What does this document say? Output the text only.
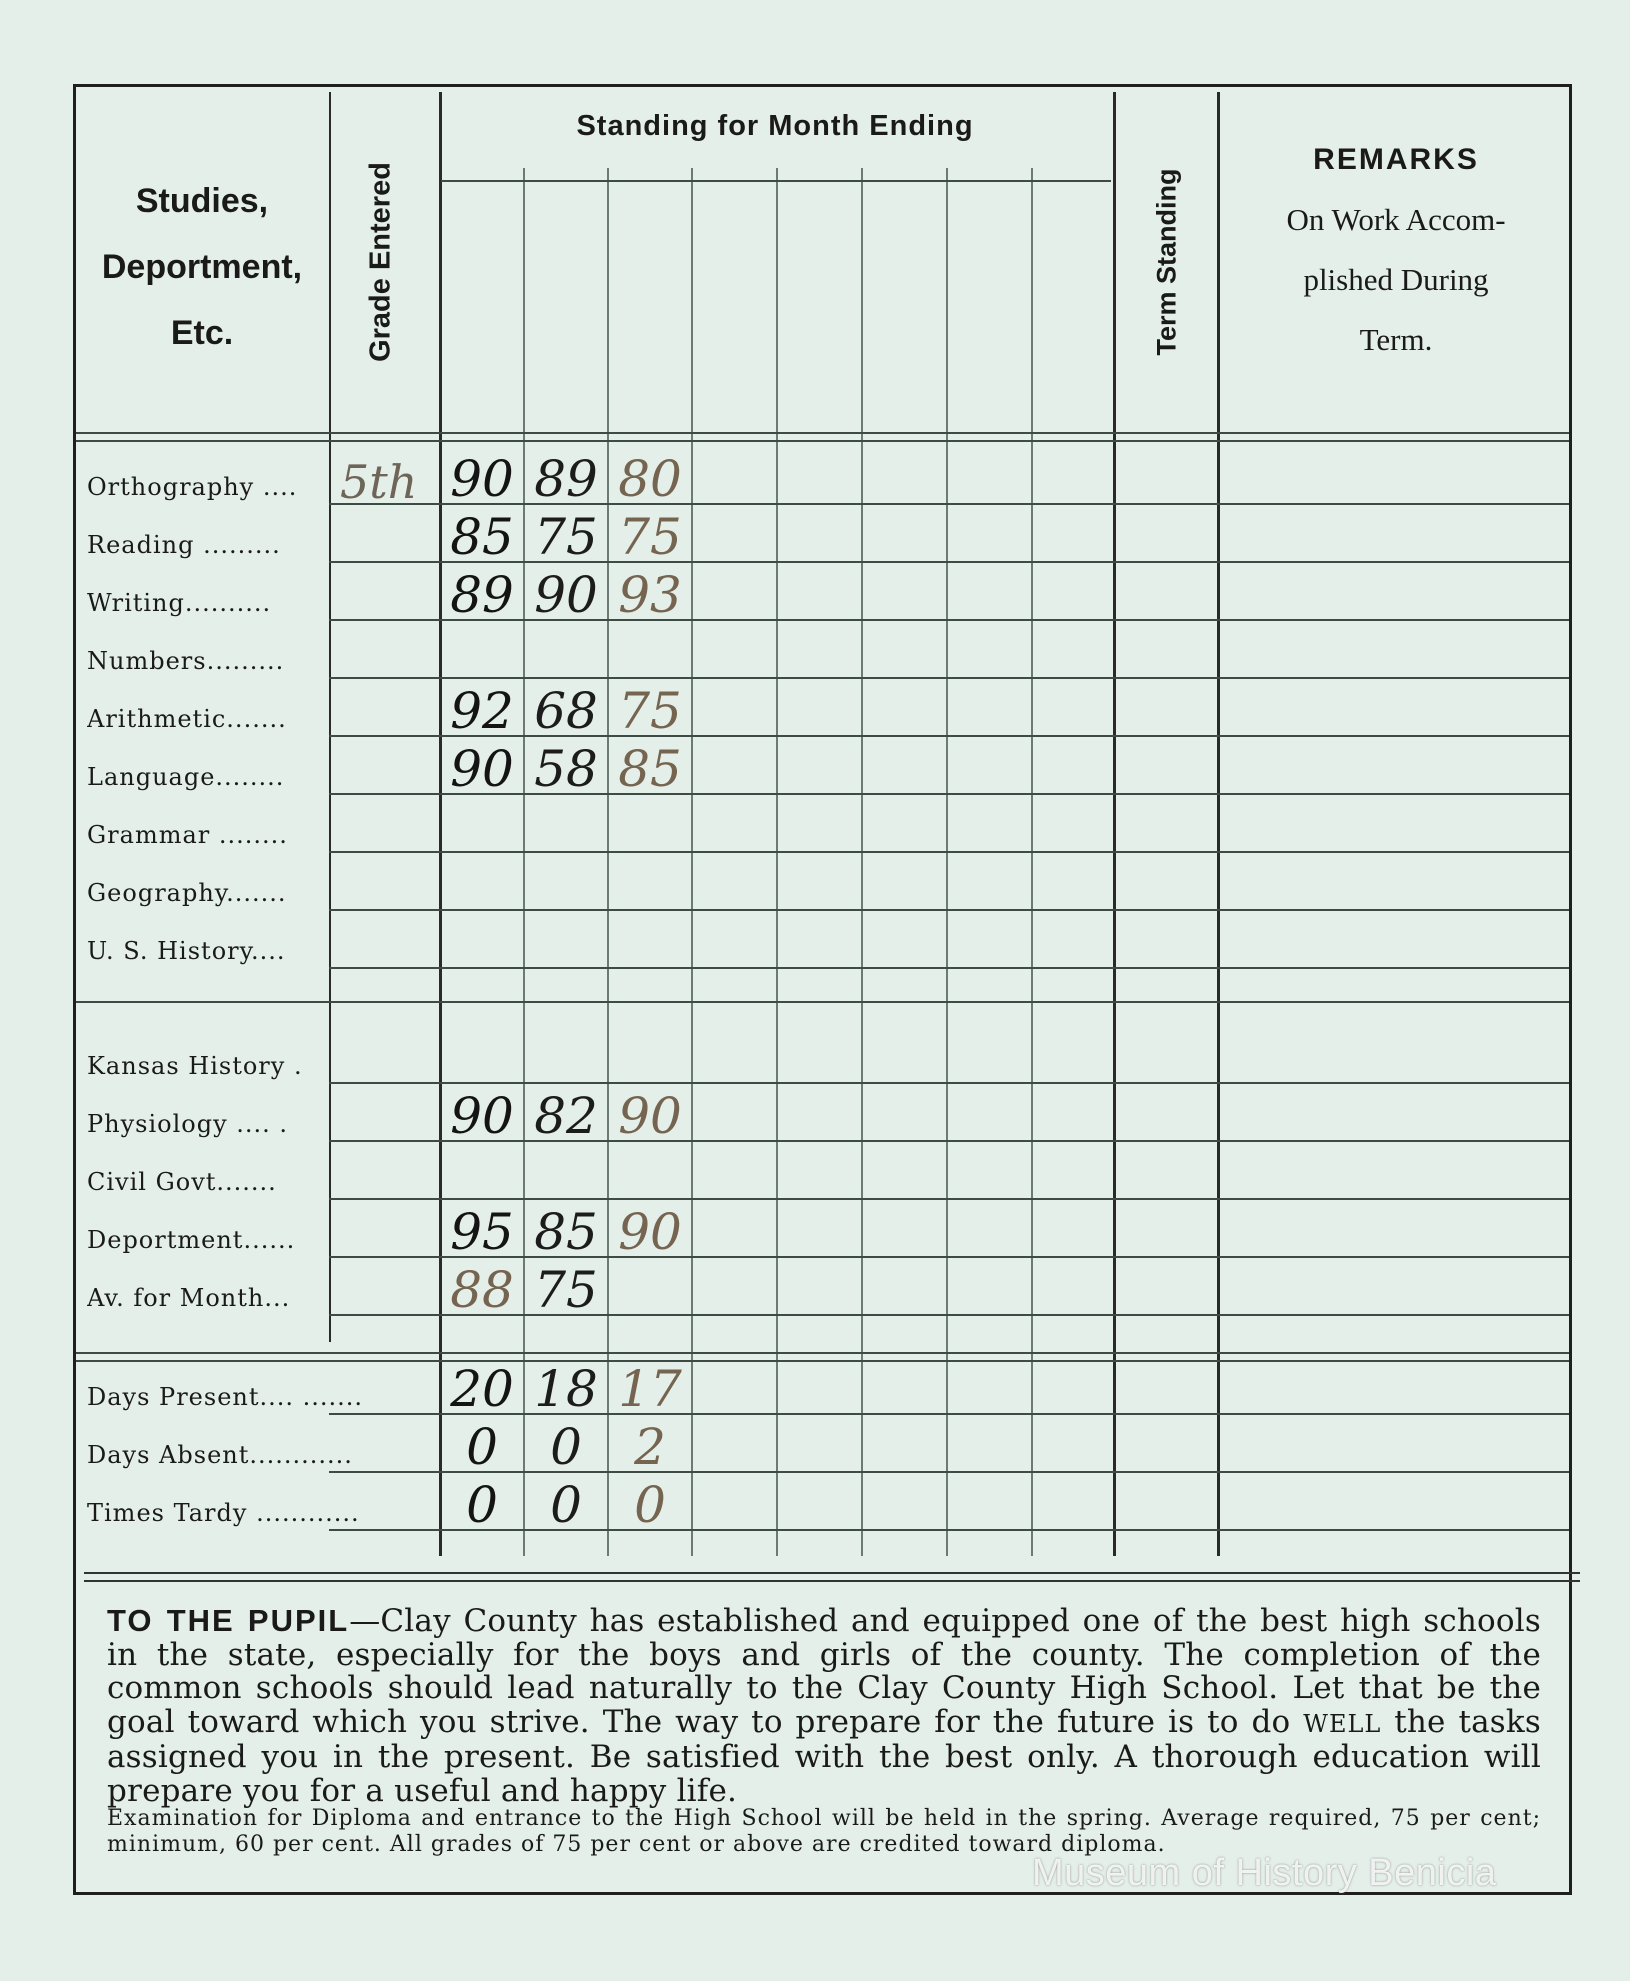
Studies,
Deportment,
Etc.	Grade Entered
Standing for Month Ending
Term Standing
REMARKS
On Work Accom-
plished During
Term.
Orthography .... 5th 90 89 80
Reading .........	85 75 75
Writing..........	89 90 93
Numbers.........
Arithmetic.......	92 68 75
Language........	90 58 85
Grammar ........
Geography.......
U. S. History....
Kansas History .
Physiology .... .	90 82 90
Civil Govt.......
Deportment......	95 85 90
Av. for Month...	88 75
Days Present.... .......	20 18 17
Days Absent............	0	0	2
Times Tardy ............	0	0	0
TO THE PUPIL—Clay County has established and equipped one of the best high schools in the state, especially for the boys and girls of the county. The completion of the common schools should lead naturally to the Clay County High School. Let that be the goal toward which you strive. The way to prepare for the future is to do WELL the tasks assigned you in the present. Be satisfied with the best only. A thorough education will prepare you for a useful and happy life.
Examination for Diploma and entrance to the High School will be held in the spring. Average required, 75 per cent; minimum, 60 per cent. All grades of 75 per cent or above are credited toward diploma.
Museum of History Benicia
